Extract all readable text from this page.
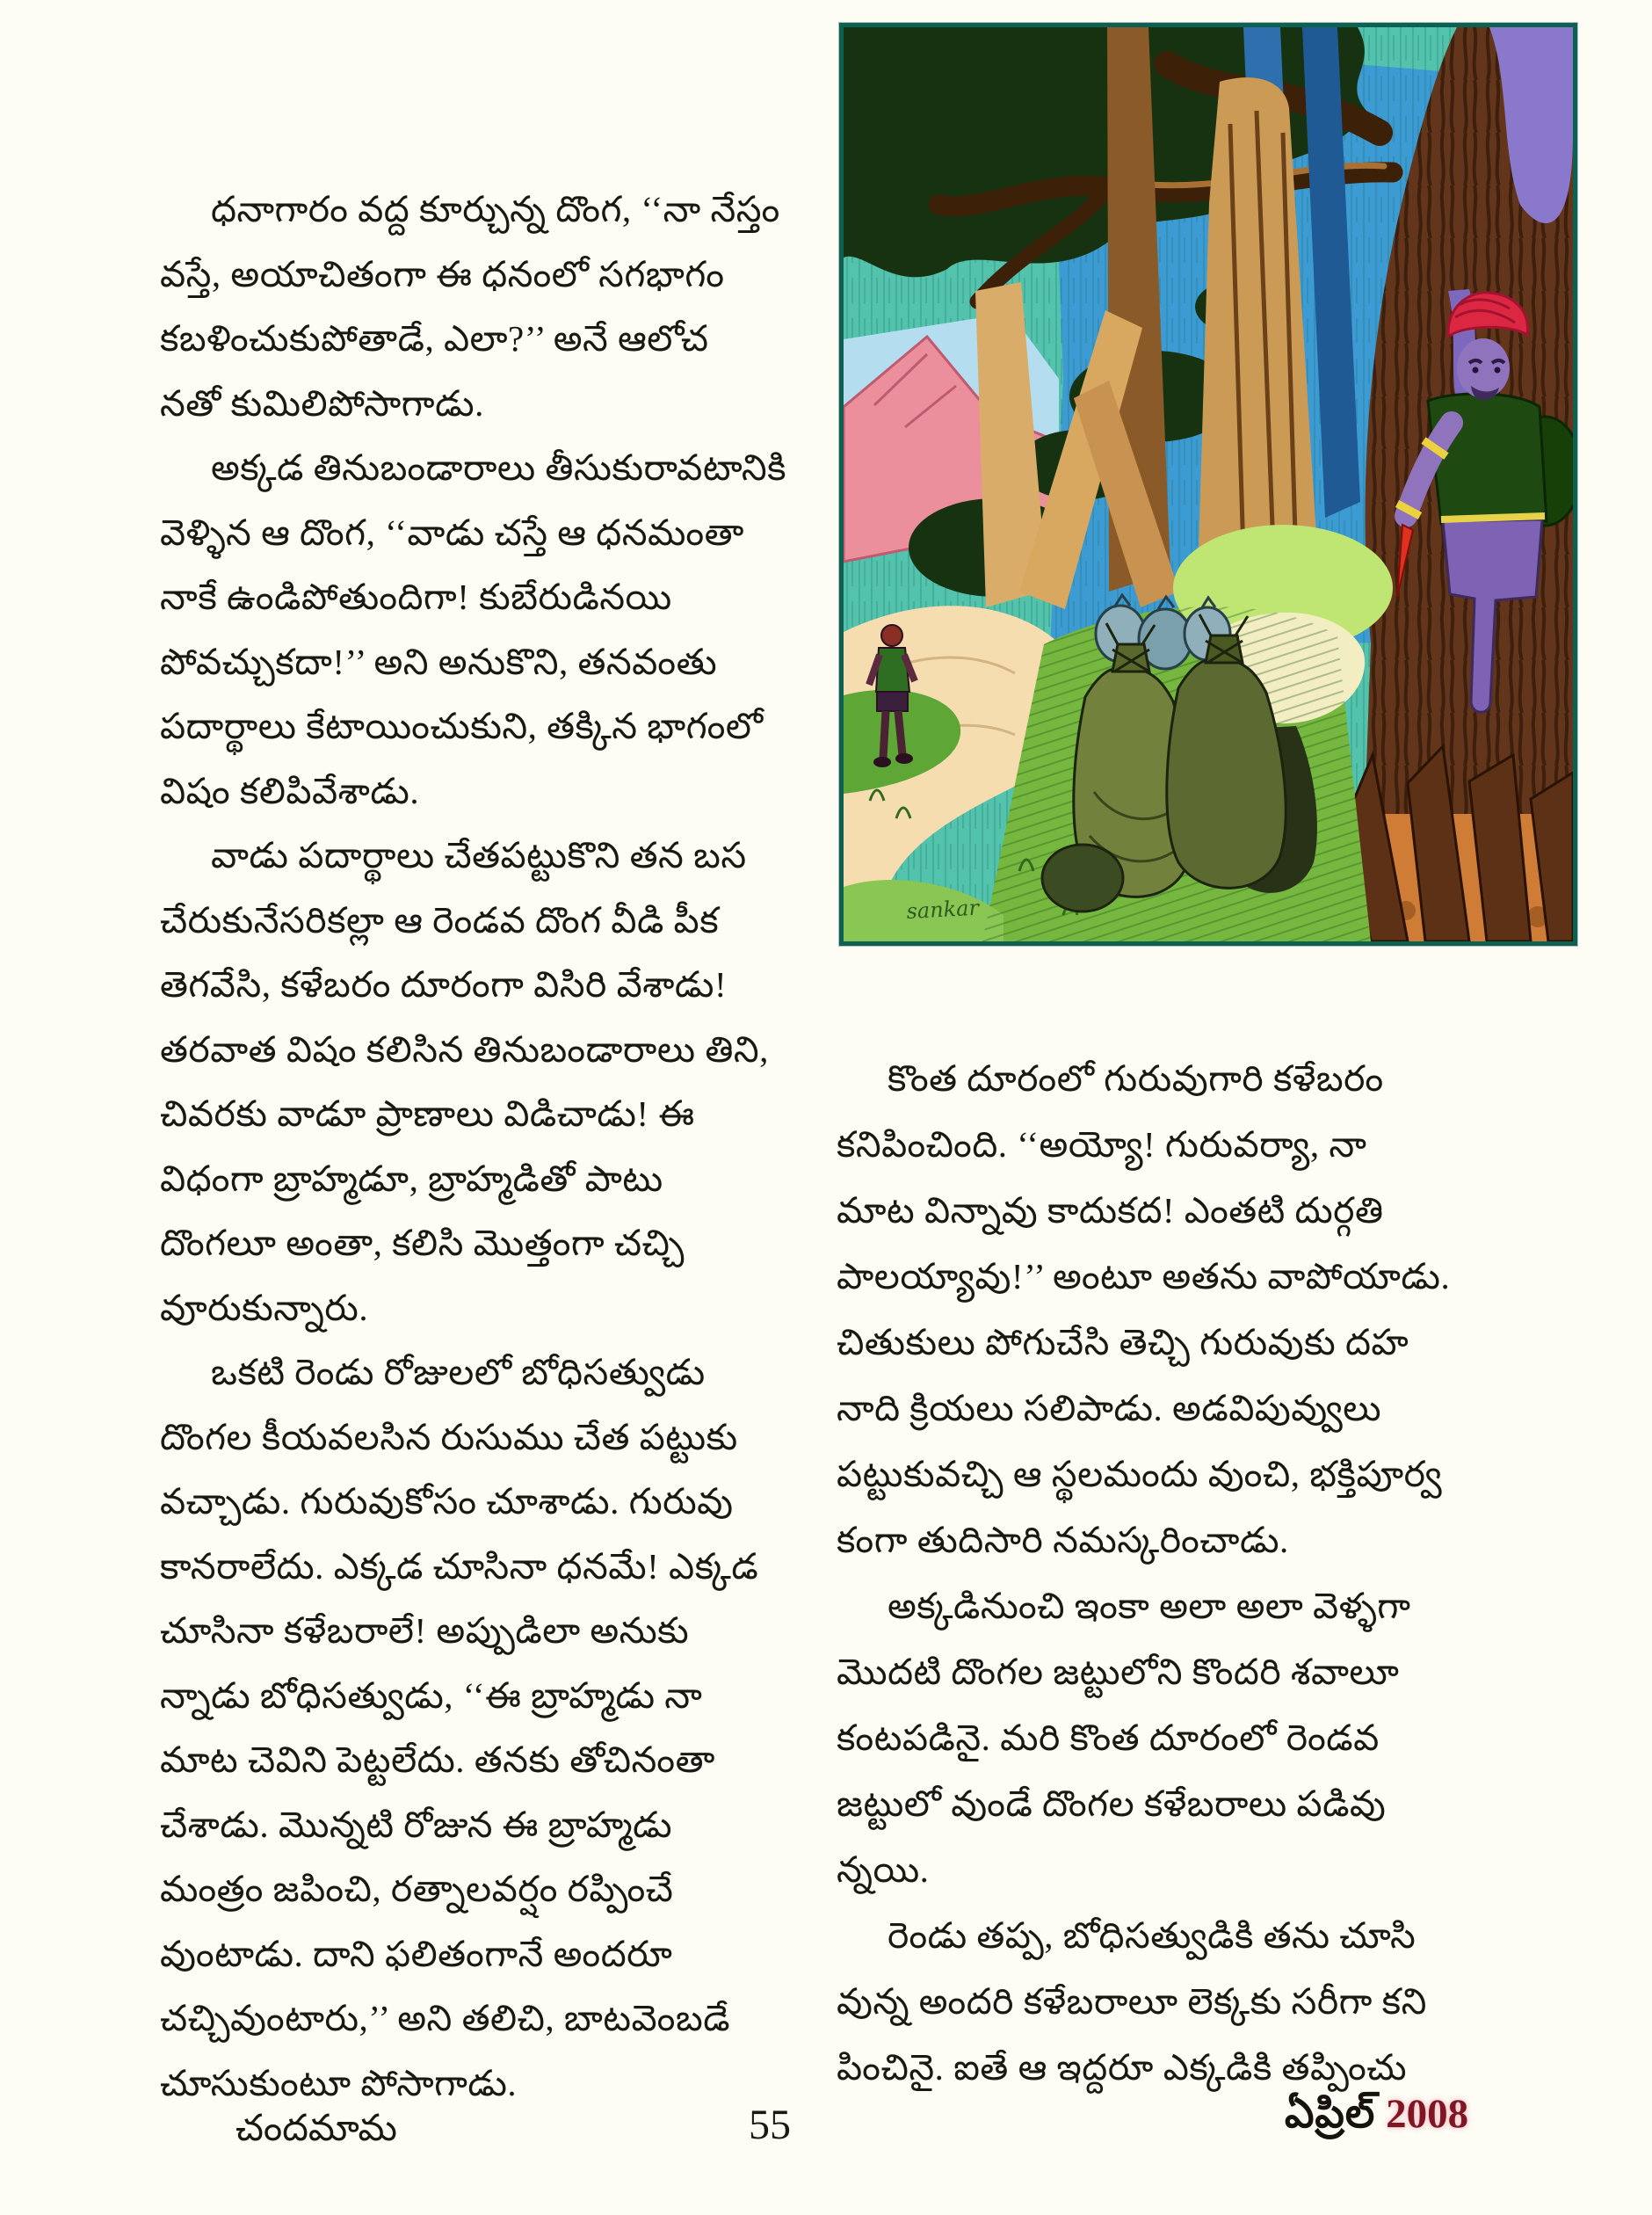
sankar
ధనాగారం వద్ద కూర్చున్న దొంగ, ‘‘నా నేస్తం
వస్తే, అయాచితంగా ఈ ధనంలో సగభాగం
కబళించుకుపోతాడే, ఎలా?’’ అనే ఆలోచ
నతో కుమిలిపోసాగాడు.
అక్కడ తినుబండారాలు తీసుకురావటానికి
వెళ్ళిన ఆ దొంగ, ‘‘వాడు చస్తే ఆ ధనమంతా
నాకే ఉండిపోతుందిగా! కుబేరుడినయి
పోవచ్చుకదా!’’ అని అనుకొని, తనవంతు
పదార్థాలు కేటాయించుకుని, తక్కిన భాగంలో
విషం కలిపివేశాడు.
వాడు పదార్థాలు చేతపట్టుకొని తన బస
చేరుకునేసరికల్లా ఆ రెండవ దొంగ వీడి పీక
తెగవేసి, కళేబరం దూరంగా విసిరి వేశాడు!
తరవాత విషం కలిసిన తినుబండారాలు తిని,
చివరకు వాడూ ప్రాణాలు విడిచాడు! ఈ
విధంగా బ్రాహ్మడూ, బ్రాహ్మడితో పాటు
దొంగలూ అంతా, కలిసి మొత్తంగా చచ్చి
వూరుకున్నారు.
ఒకటి రెండు రోజులలో బోధిసత్వుడు
దొంగల కీయవలసిన రుసుము చేత పట్టుకు
వచ్చాడు. గురువుకోసం చూశాడు. గురువు
కానరాలేదు. ఎక్కడ చూసినా ధనమే! ఎక్కడ
చూసినా కళేబరాలే! అప్పుడిలా అనుకు
న్నాడు బోధిసత్వుడు, ‘‘ఈ బ్రాహ్మడు నా
మాట చెవిని పెట్టలేదు. తనకు తోచినంతా
చేశాడు. మొన్నటి రోజున ఈ బ్రాహ్మడు
మంత్రం జపించి, రత్నాలవర్షం రప్పించే
వుంటాడు. దాని ఫలితంగానే అందరూ
చచ్చివుంటారు,’’ అని తలిచి, బాటవెంబడే
చూసుకుంటూ పోసాగాడు.
కొంత దూరంలో గురువుగారి కళేబరం
కనిపించింది. ‘‘అయ్యో! గురువర్యా, నా
మాట విన్నావు కాదుకద! ఎంతటి దుర్గతి
పాలయ్యావు!’’ అంటూ అతను వాపోయాడు.
చితుకులు పోగుచేసి తెచ్చి గురువుకు దహ
నాది క్రియలు సలిపాడు. అడవిపువ్వులు
పట్టుకువచ్చి ఆ స్థలమందు వుంచి, భక్తిపూర్వ
కంగా తుదిసారి నమస్కరించాడు.
అక్కడినుంచి ఇంకా అలా అలా వెళ్ళగా
మొదటి దొంగల జట్టులోని కొందరి శవాలూ
కంటపడినై. మరి కొంత దూరంలో రెండవ
జట్టులో వుండే దొంగల కళేబరాలు పడివు
న్నయి.
రెండు తప్ప, బోధిసత్వుడికి తను చూసి
వున్న అందరి కళేబరాలూ లెక్కకు సరీగా కని
పించినై. ఐతే ఆ ఇద్దరూ ఎక్కడికి తప్పించు
చందమామ	55	ఏప్రిల్ 2008
